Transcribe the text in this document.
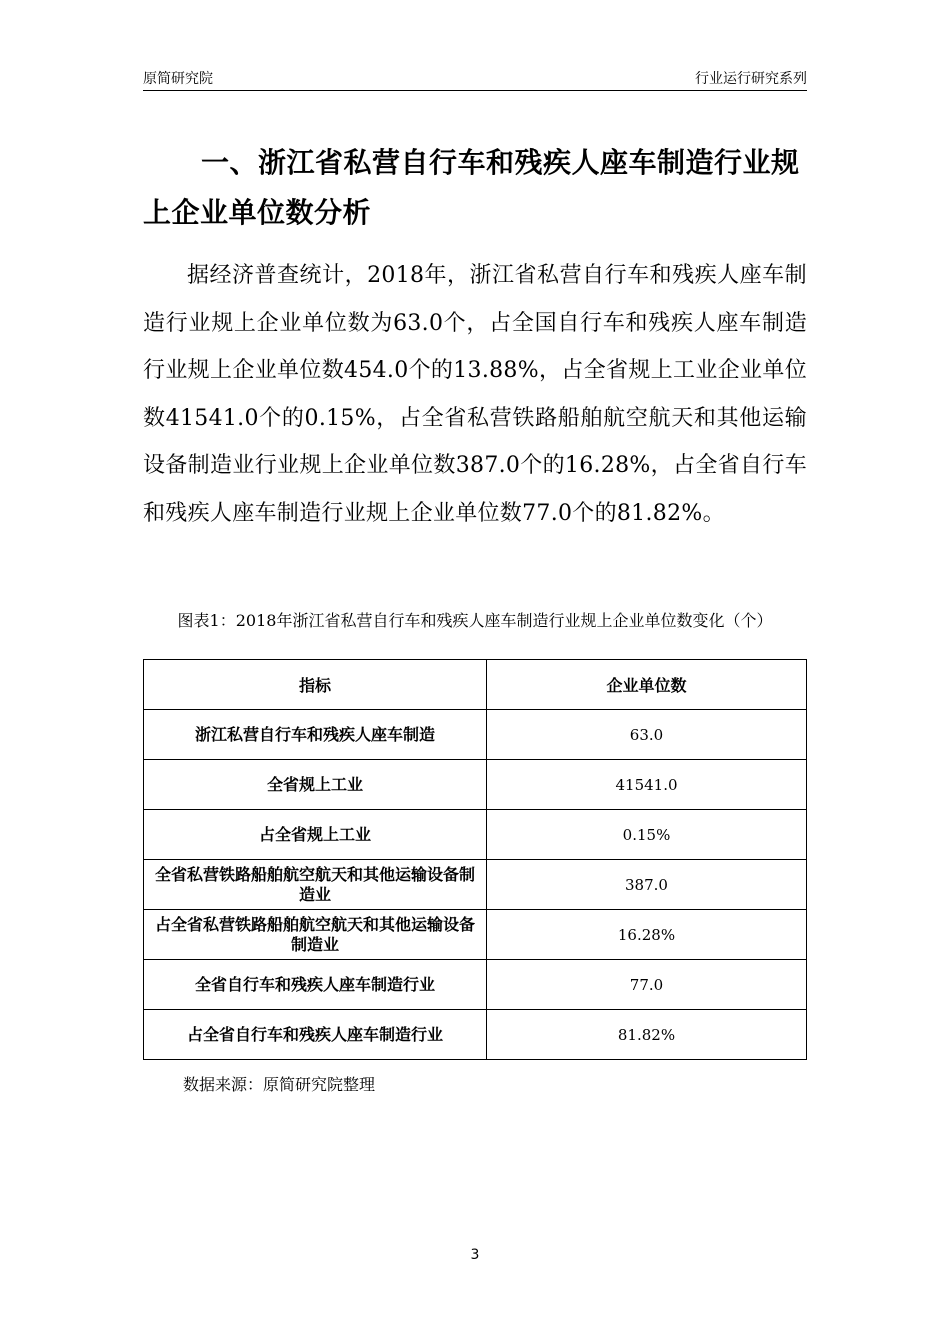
原简研究院	行业运行研究系列
一、浙江省私营自行车和残疾人座车制造行业规上企业单位数分析
据经济普查统计，2018年，浙江省私营自行车和残疾人座车制造行业规上企业单位数为63.0个，占全国自行车和残疾人座车制造行业规上企业单位数454.0个的13.88%，占全省规上工业企业单位数41541.0个的0.15%，占全省私营铁路船舶航空航天和其他运输设备制造业行业规上企业单位数387.0个的16.28%，占全省自行车和残疾人座车制造行业规上企业单位数77.0个的81.82%。
图表1：2018年浙江省私营自行车和残疾人座车制造行业规上企业单位数变化（个）
指标	企业单位数
浙江私营自行车和残疾人座车制造	63.0
全省规上工业	41541.0
占全省规上工业	0.15%
全省私营铁路船舶航空航天和其他运输设备制造业	387.0
占全省私营铁路船舶航空航天和其他运输设备制造业	16.28%
全省自行车和残疾人座车制造行业	77.0
占全省自行车和残疾人座车制造行业	81.82%
数据来源：原简研究院整理
3
